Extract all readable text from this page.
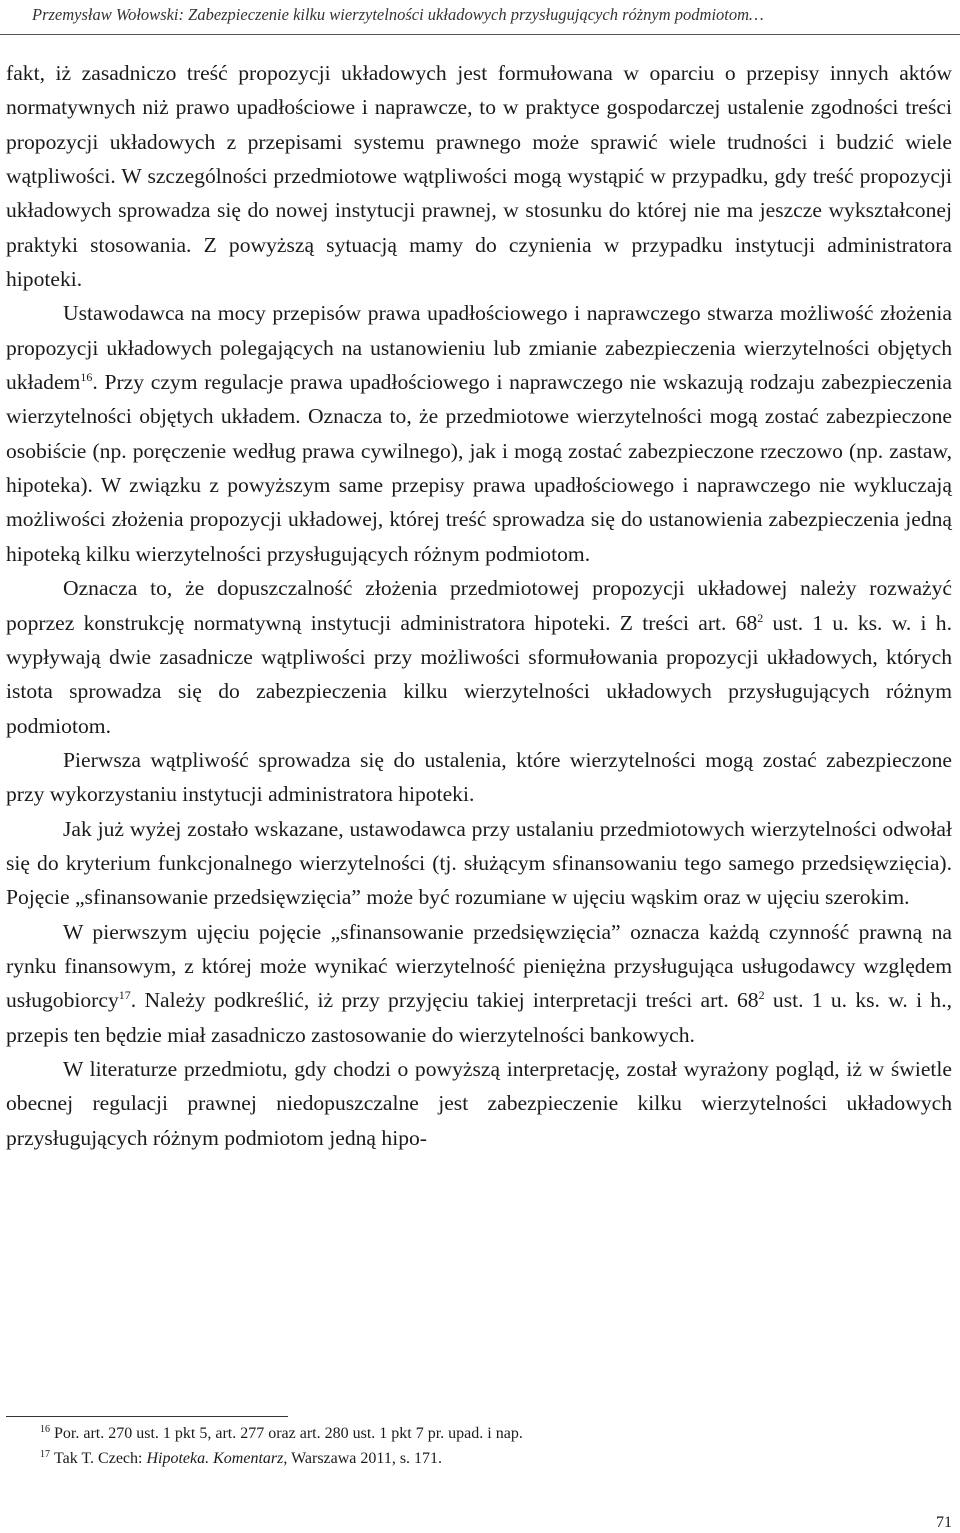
Przemysław Wołowski: Zabezpieczenie kilku wierzytelności układowych przysługujących różnym podmiotom…

fakt, iż zasadniczo treść propozycji układowych jest formułowana w oparciu o przepisy innych aktów normatywnych niż prawo upadłościowe i naprawcze, to w praktyce gospodarczej ustalenie zgodności treści propozycji układowych z przepisami systemu prawnego może sprawić wiele trudności i budzić wiele wątpliwości. W szczególności przedmiotowe wątpliwości mogą wystąpić w przypadku, gdy treść propozycji układowych sprowadza się do nowej instytucji prawnej, w stosunku do której nie ma jeszcze wykształconej praktyki stosowania. Z powyższą sytuacją mamy do czynienia w przypadku instytucji administratora hipoteki.

Ustawodawca na mocy przepisów prawa upadłościowego i naprawczego stwarza możliwość złożenia propozycji układowych polegających na ustanowieniu lub zmianie zabezpieczenia wierzytelności objętych układem$^{16}$. Przy czym regulacje prawa upadłościowego i naprawczego nie wskazują rodzaju zabezpieczenia wierzytelności objętych układem. Oznacza to, że przedmiotowe wierzytelności mogą zostać zabezpieczone osobiście (np. poręczenie według prawa cywilnego), jak i mogą zostać zabezpieczone rzeczowo (np. zastaw, hipoteka). W związku z powyższym same przepisy prawa upadłościowego i naprawczego nie wykluczają możliwości złożenia propozycji układowej, której treść sprowadza się do ustanowienia zabezpieczenia jedną hipoteką kilku wierzytelności przysługujących różnym podmiotom.

Oznacza to, że dopuszczalność złożenia przedmiotowej propozycji układowej należy rozważyć poprzez konstrukcję normatywną instytucji administratora hipoteki. Z treści art. $68^2$ ust. 1 u. ks. w. i h. wypływają dwie zasadnicze wątpliwości przy możliwości sformułowania propozycji układowych, których istota sprowadza się do zabezpieczenia kilku wierzytelności układowych przysługujących różnym podmiotom.

Pierwsza wątpliwość sprowadza się do ustalenia, które wierzytelności mogą zostać zabezpieczone przy wykorzystaniu instytucji administratora hipoteki.

Jak już wyżej zostało wskazane, ustawodawca przy ustalaniu przedmiotowych wierzytelności odwołał się do kryterium funkcjonalnego wierzytelności (tj. służącym sfinansowaniu tego samego przedsięwzięcia). Pojęcie „sfinansowanie przedsięwzięcia” może być rozumiane w ujęciu wąskim oraz w ujęciu szerokim.

W pierwszym ujęciu pojęcie „sfinansowanie przedsięwzięcia” oznacza każdą czynność prawną na rynku finansowym, z której może wynikać wierzytelność pieniężna przysługująca usługodawcy względem usługobiorcy$^{17}$. Należy podkreślić, iż przy przyjęciu takiej interpretacji treści art. $68^2$ ust. 1 u. ks. w. i h., przepis ten będzie miał zasadniczo zastosowanie do wierzytelności bankowych.

W literaturze przedmiotu, gdy chodzi o powyższą interpretację, został wyrażony pogląd, iż w świetle obecnej regulacji prawnej niedopuszczalne jest zabezpieczenie kilku wierzytelności układowych przysługujących różnym podmiotom jedną hipo-

$^{16}$ Por. art. 270 ust. 1 pkt 5, art. 277 oraz art. 280 ust. 1 pkt 7 pr. upad. i nap.
$^{17}$ Tak T. Czech: Hipoteka. Komentarz, Warszawa 2011, s. 171.
71
